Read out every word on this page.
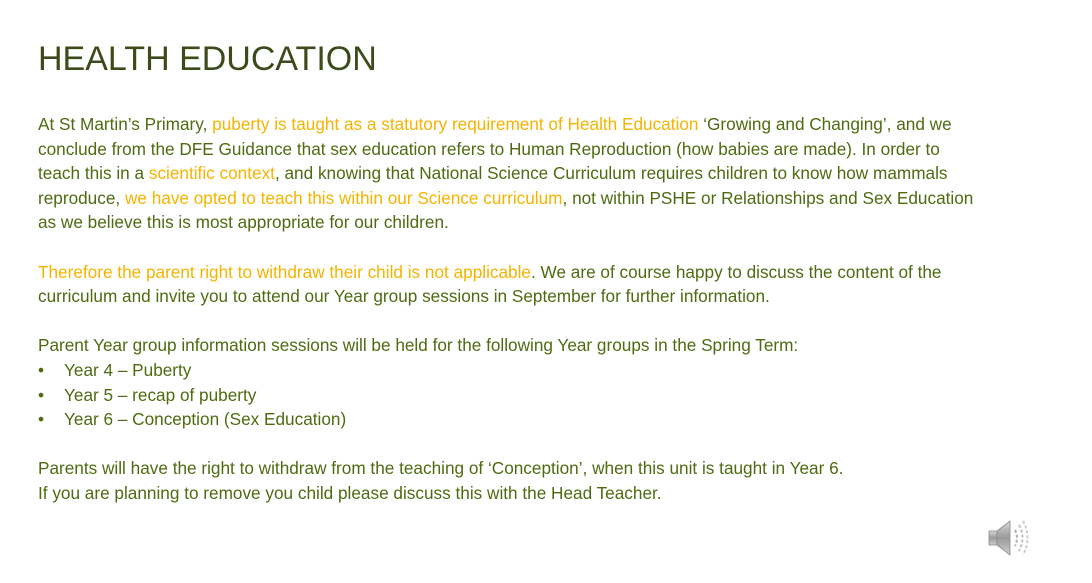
HEALTH EDUCATION

At St Martin’s Primary, puberty is taught as a statutory requirement of Health Education ‘Growing and Changing’, and we conclude from the DFE Guidance that sex education refers to Human Reproduction (how babies are made). In order to teach this in a scientific context, and knowing that National Science Curriculum requires children to know how mammals reproduce, we have opted to teach this within our Science curriculum, not within PSHE or Relationships and Sex Education as we believe this is most appropriate for our children.

Therefore the parent right to withdraw their child is not applicable. We are of course happy to discuss the content of the curriculum and invite you to attend our Year group sessions in September for further information.

Parent Year group information sessions will be held for the following Year groups in the Spring Term:

• Year 4 – Puberty
• Year 5 – recap of puberty
• Year 6 – Conception (Sex Education)

Parents will have the right to withdraw from the teaching of ‘Conception’, when this unit is taught in Year 6.

If you are planning to remove you child please discuss this with the Head Teacher.
